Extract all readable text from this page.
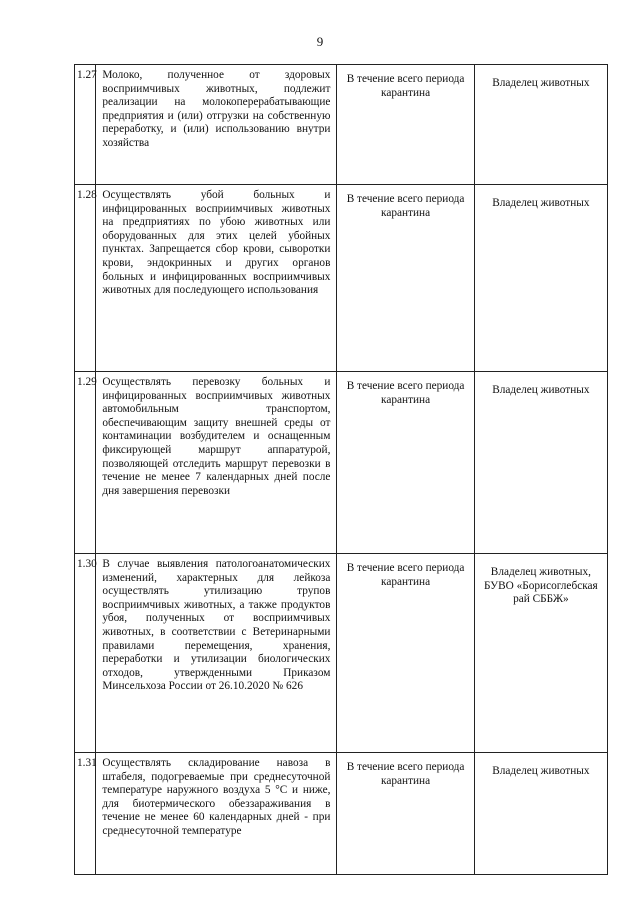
9
1.27	Молоко, полученное от здоровых восприимчивых животных, подлежит реализации на молокоперерабатывающие предприятия и (или) отгрузки на собственную переработку, и (или) использованию внутри хозяйства	В течение всего периода карантина	Владелец животных
1.28	Осуществлять убой больных и инфицированных восприимчивых животных на предприятиях по убою животных или оборудованных для этих целей убойных пунктах. Запрещается сбор крови, сыворотки крови, эндокринных и других органов больных и инфицированных восприимчивых животных для последующего использования	В течение всего периода карантина	Владелец животных
1.29	Осуществлять перевозку больных и инфицированных восприимчивых животных автомобильным транспортом, обеспечивающим защиту внешней среды от контаминации возбудителем и оснащенным фиксирующей маршрут аппаратурой, позволяющей отследить маршрут перевозки в течение не менее 7 календарных дней после дня завершения перевозки	В течение всего периода карантина	Владелец животных
1.30	В случае выявления патологоанатомических изменений, характерных для лейкоза осуществлять утилизацию трупов восприимчивых животных, а также продуктов убоя, полученных от восприимчивых животных, в соответствии с Ветеринарными правилами перемещения, хранения, переработки и утилизации биологических отходов, утвержденными Приказом Минсельхоза России от 26.10.2020 № 626	В течение всего периода карантина	Владелец животных, БУВО «Борисоглебская рай СББЖ»
1.31	Осуществлять складирование навоза в штабеля, подогреваемые при среднесуточной температуре наружного воздуха 5 °С и ниже, для биотермического обеззараживания в течение не менее 60 календарных дней - при среднесуточной температуре	В течение всего периода карантина	Владелец животных
